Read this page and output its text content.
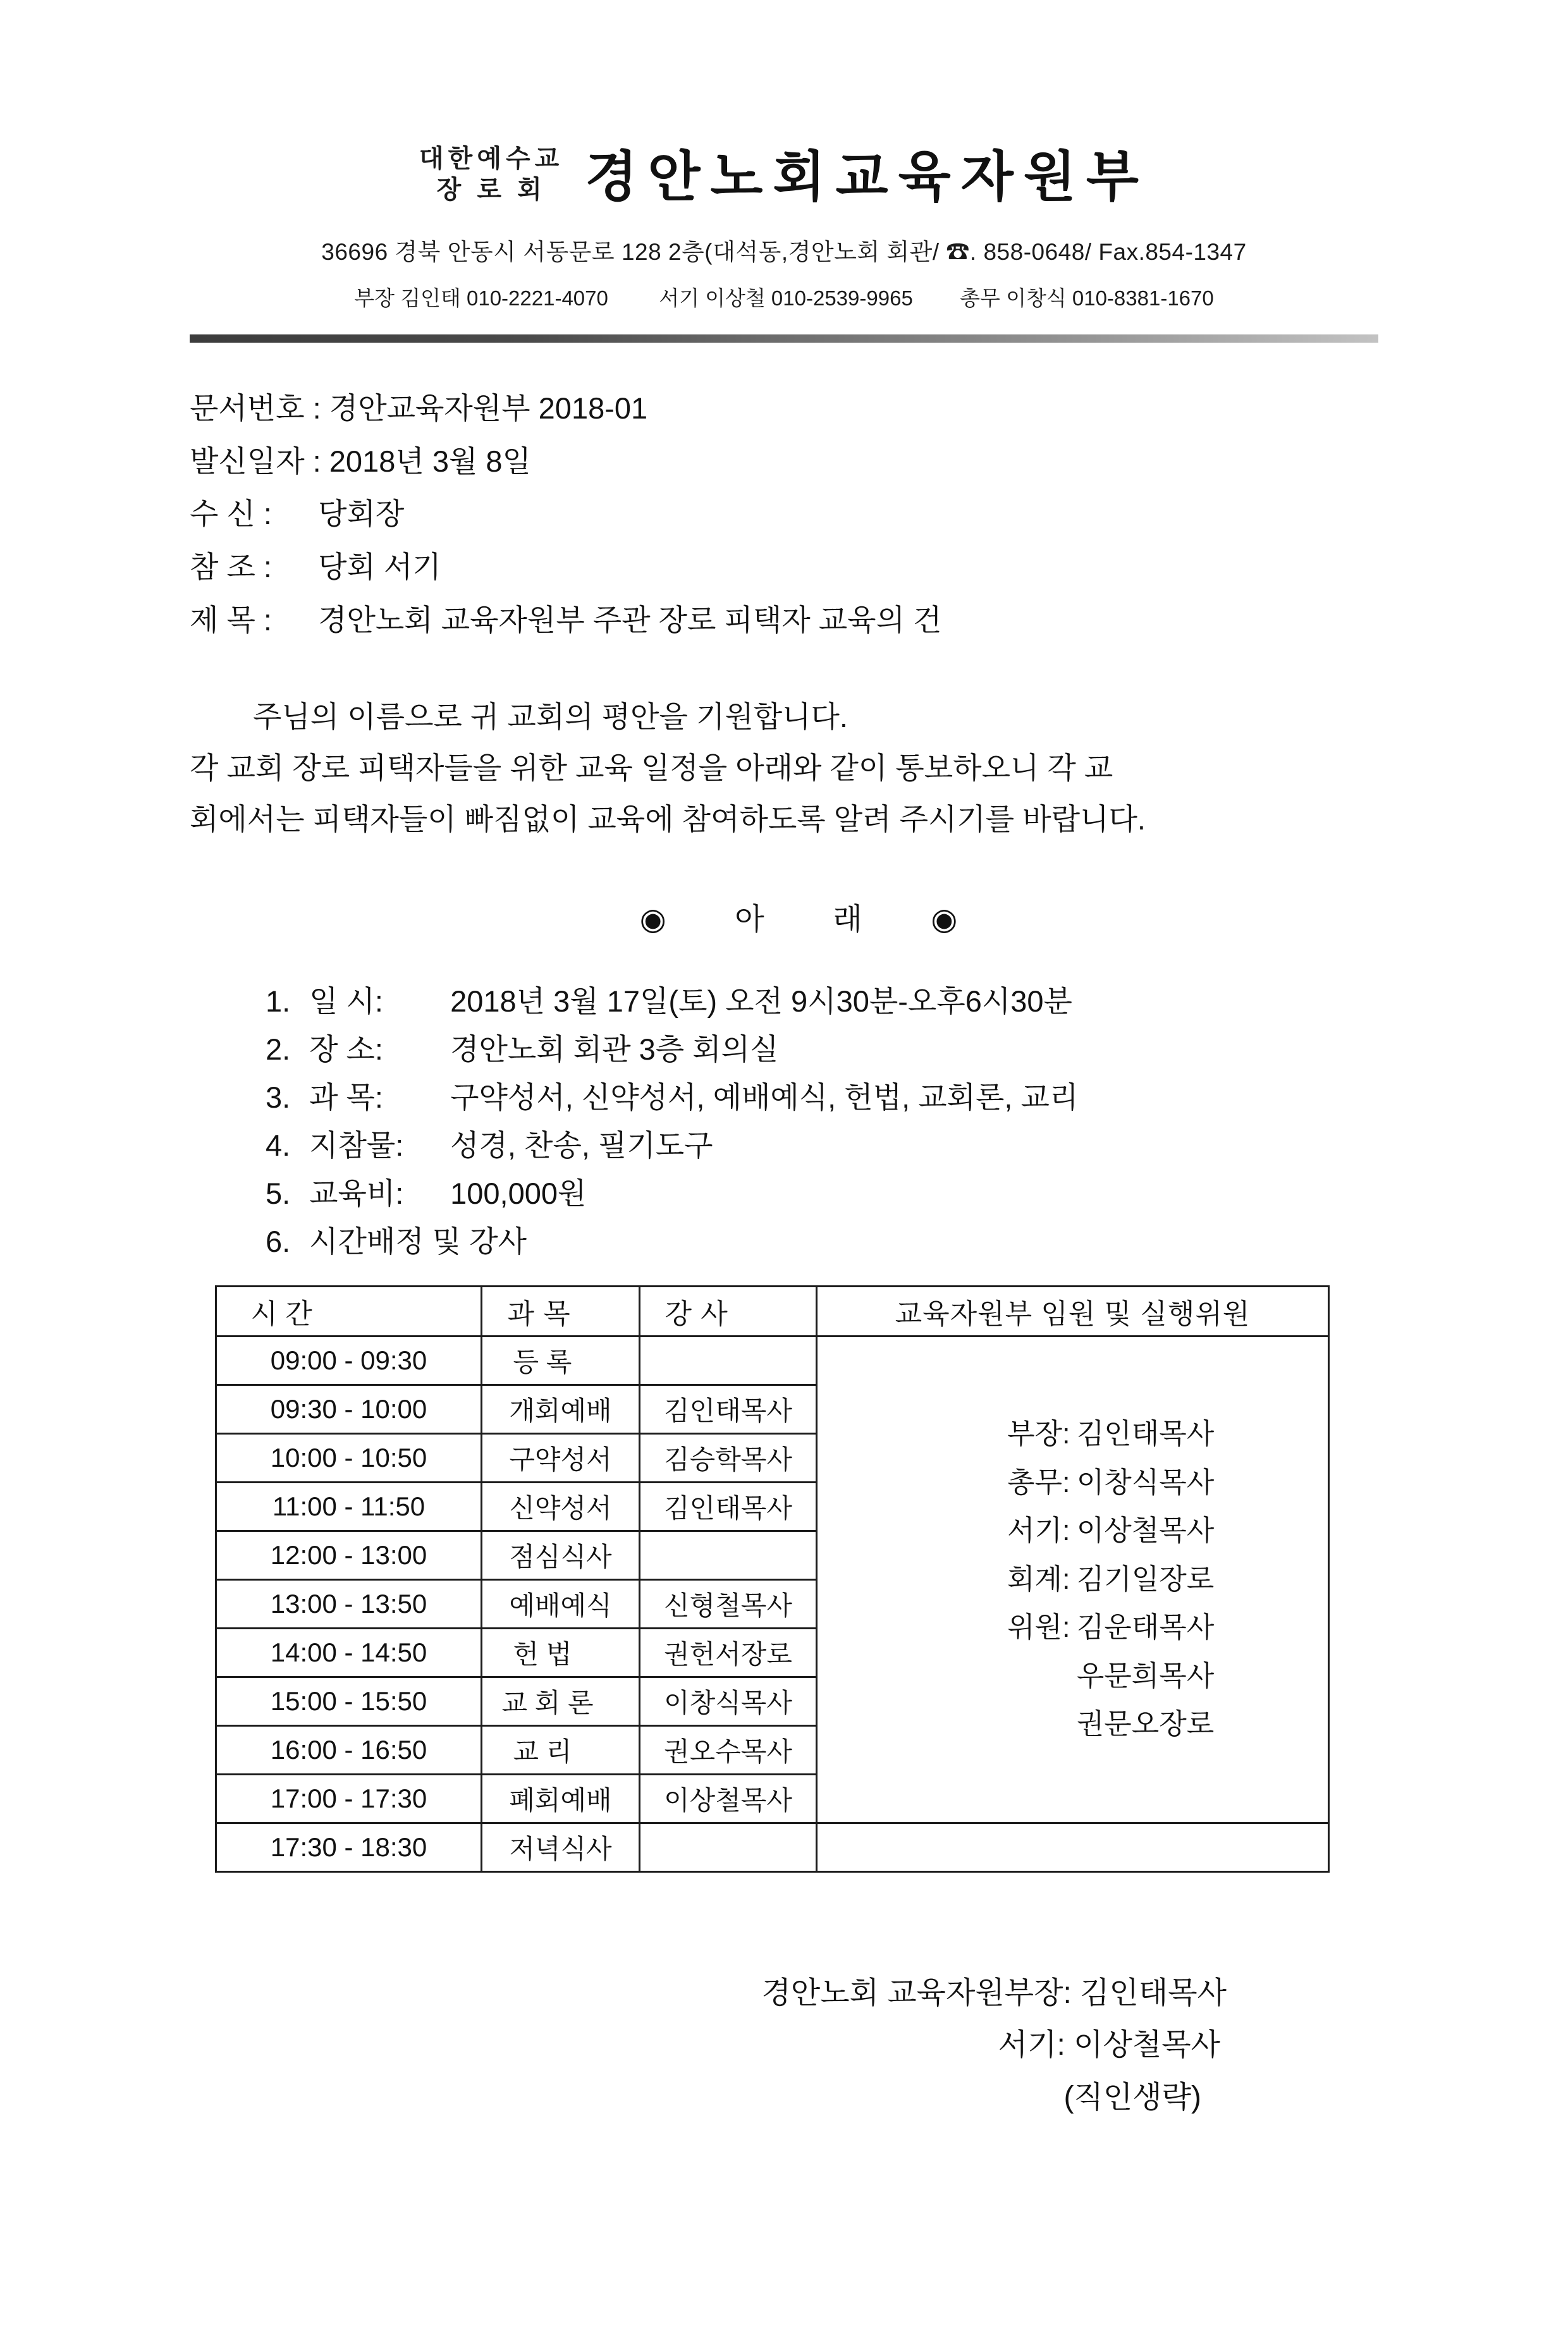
대한예수교
장 로 회 경안노회교육자원부
36696 경북 안동시 서동문로 128 2층(대석동,경안노회 회관/ ☎. 858-0648/ Fax.854-1347
부장 김인태 010-2221-4070 서기 이상철 010-2539-9965 총무 이창식 010-8381-1670
문서번호 : 경안교육자원부 2018-01
발신일자 : 2018년 3월 8일
수 신 : 당회장
참 조 : 당회 서기
제 목 : 경안노회 교육자원부 주관 장로 피택자 교육의 건

주님의 이름으로 귀 교회의 평안을 기원합니다.

각 교회 장로 피택자들을 위한 교육 일정을 아래와 같이 통보하오니 각 교

회에서는 피택자들이 빠짐없이 교육에 참여하도록 알려 주시기를 바랍니다.

◉ 아 래 ◉
1. 일 시: 2018년 3월 17일(토) 오전 9시30분-오후6시30분
2. 장 소: 경안노회 회관 3층 회의실
3. 과 목: 구약성서, 신약성서, 예배예식, 헌법, 교회론, 교리
4. 지참물: 성경, 찬송, 필기도구
5. 교육비: 100,000원
6. 시간배정 및 강사
시 간	과 목	강 사	교육자원부 임원 및 실행위원
09:00 - 09:30	등 록		
부장: 김인태목사
총무: 이창식목사
서기: 이상철목사
회계: 김기일장로
위원: 김운태목사
우문희목사
권문오장로

09:30 - 10:00	개회예배	김인태목사	
10:00 - 10:50	구약성서	김승학목사	
11:00 - 11:50	신약성서	김인태목사	
12:00 - 13:00	점심식사		
13:00 - 13:50	예배예식	신형철목사	
14:00 - 14:50	헌 법	권헌서장로	
15:00 - 15:50	교 회 론	이창식목사	
16:00 - 16:50	교 리	권오수목사	
17:00 - 17:30	폐회예배	이상철목사	
17:30 - 18:30	저녁식사		
경안노회 교육자원부장: 김인태목사
서기: 이상철목사
(직인생략)
